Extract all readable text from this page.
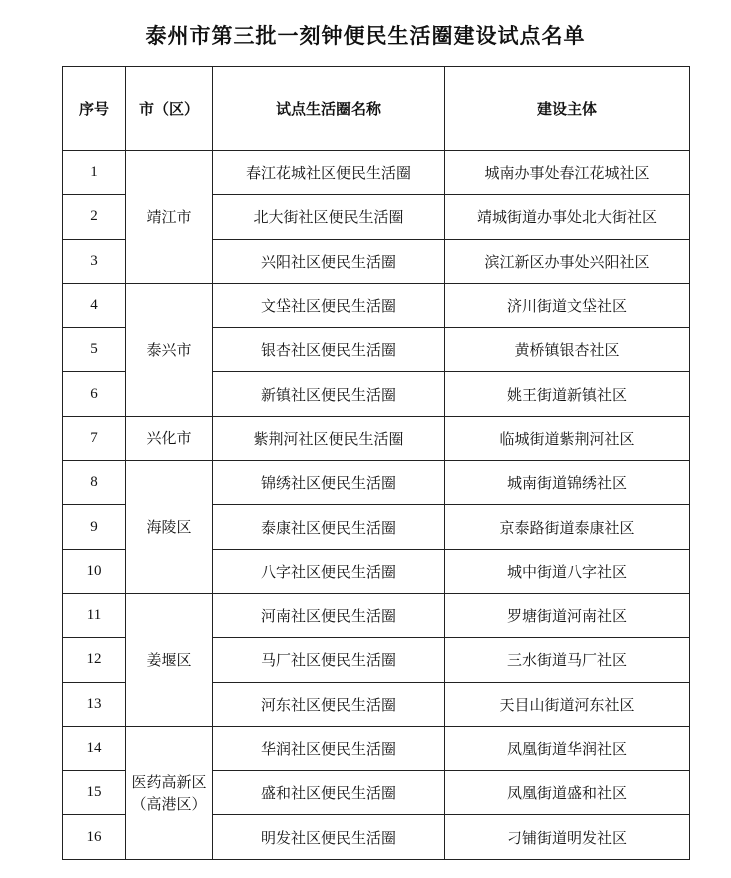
泰州市第三批一刻钟便民生活圈建设试点名单
序号	市（区）	试点生活圈名称	建设主体
1	靖江市	春江花城社区便民生活圈	城南办事处春江花城社区
2		北大街社区便民生活圈	靖城街道办事处北大街社区
3		兴阳社区便民生活圈	滨江新区办事处兴阳社区
4	泰兴市	文垈社区便民生活圈	济川街道文垈社区
5		银杏社区便民生活圈	黄桥镇银杏社区
6		新镇社区便民生活圈	姚王街道新镇社区
7	兴化市	紫荆河社区便民生活圈	临城街道紫荆河社区
8	海陵区	锦绣社区便民生活圈	城南街道锦绣社区
9		泰康社区便民生活圈	京泰路街道泰康社区
10		八字社区便民生活圈	城中街道八字社区
11	姜堰区	河南社区便民生活圈	罗塘街道河南社区
12		马厂社区便民生活圈	三水街道马厂社区
13		河东社区便民生活圈	天目山街道河东社区
14	医药高新区（高港区）	华润社区便民生活圈	凤凰街道华润社区
15		盛和社区便民生活圈	凤凰街道盛和社区
16		明发社区便民生活圈	刁铺街道明发社区
